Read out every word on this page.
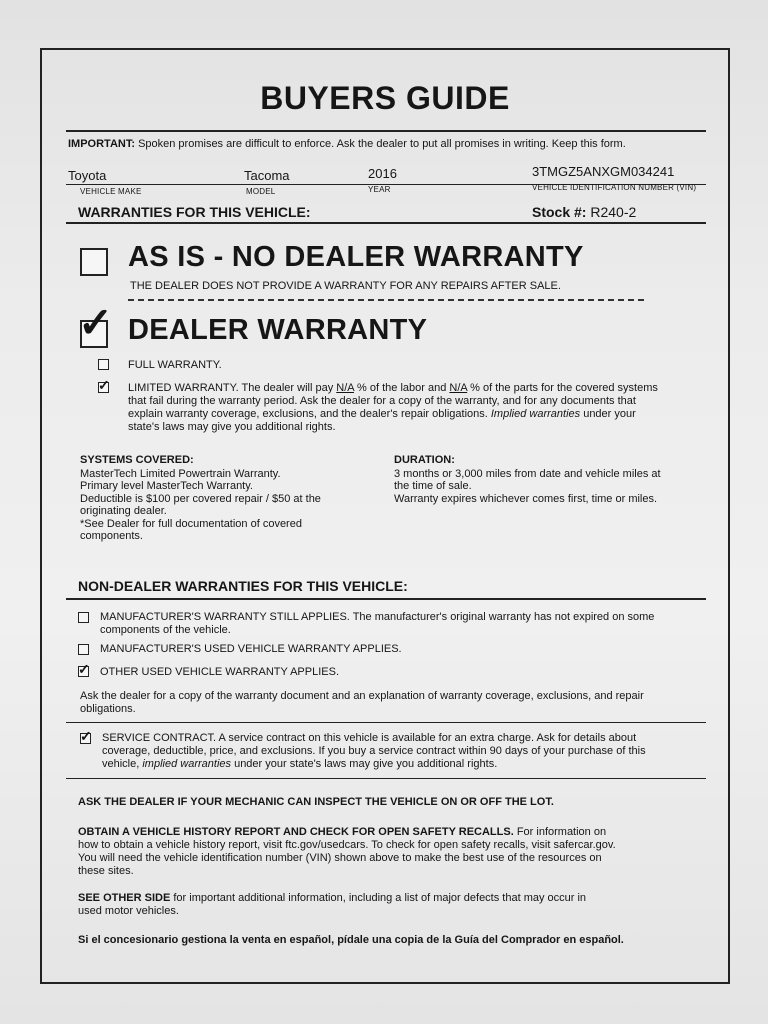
BUYERS GUIDE
IMPORTANT: Spoken promises are difficult to enforce. Ask the dealer to put all promises in writing. Keep this form.
Toyota	Tacoma	2016	3TMGZ5ANXGM034241
VEHICLE MAKE	MODEL	YEAR	VEHICLE IDENTIFICATION NUMBER (VIN)
WARRANTIES FOR THIS VEHICLE:	Stock #: R240-2
AS IS - NO DEALER WARRANTY
THE DEALER DOES NOT PROVIDE A WARRANTY FOR ANY REPAIRS AFTER SALE.
✓ DEALER WARRANTY
FULL WARRANTY.
✓ LIMITED WARRANTY. The dealer will pay N/A % of the labor and N/A % of the parts for the covered systems
that fail during the warranty period. Ask the dealer for a copy of the warranty, and for any documents that
explain warranty coverage, exclusions, and the dealer's repair obligations. Implied warranties under your
state's laws may give you additional rights.
SYSTEMS COVERED:
MasterTech Limited Powertrain Warranty.
Primary level MasterTech Warranty.
Deductible is $100 per covered repair / $50 at the
originating dealer.
*See Dealer for full documentation of covered
components.
DURATION:
3 months or 3,000 miles from date and vehicle miles at
the time of sale.
Warranty expires whichever comes first, time or miles.
NON-DEALER WARRANTIES FOR THIS VEHICLE:
MANUFACTURER'S WARRANTY STILL APPLIES. The manufacturer's original warranty has not expired on some
components of the vehicle.
MANUFACTURER'S USED VEHICLE WARRANTY APPLIES.
✓ OTHER USED VEHICLE WARRANTY APPLIES.
Ask the dealer for a copy of the warranty document and an explanation of warranty coverage, exclusions, and repair
obligations.
✓ SERVICE CONTRACT. A service contract on this vehicle is available for an extra charge. Ask for details about
coverage, deductible, price, and exclusions. If you buy a service contract within 90 days of your purchase of this
vehicle, implied warranties under your state's laws may give you additional rights.
ASK THE DEALER IF YOUR MECHANIC CAN INSPECT THE VEHICLE ON OR OFF THE LOT.
OBTAIN A VEHICLE HISTORY REPORT AND CHECK FOR OPEN SAFETY RECALLS. For information on
how to obtain a vehicle history report, visit ftc.gov/usedcars. To check for open safety recalls, visit safercar.gov.
You will need the vehicle identification number (VIN) shown above to make the best use of the resources on
these sites.
SEE OTHER SIDE for important additional information, including a list of major defects that may occur in
used motor vehicles.
Si el concesionario gestiona la venta en español, pídale una copia de la Guía del Comprador en español.
